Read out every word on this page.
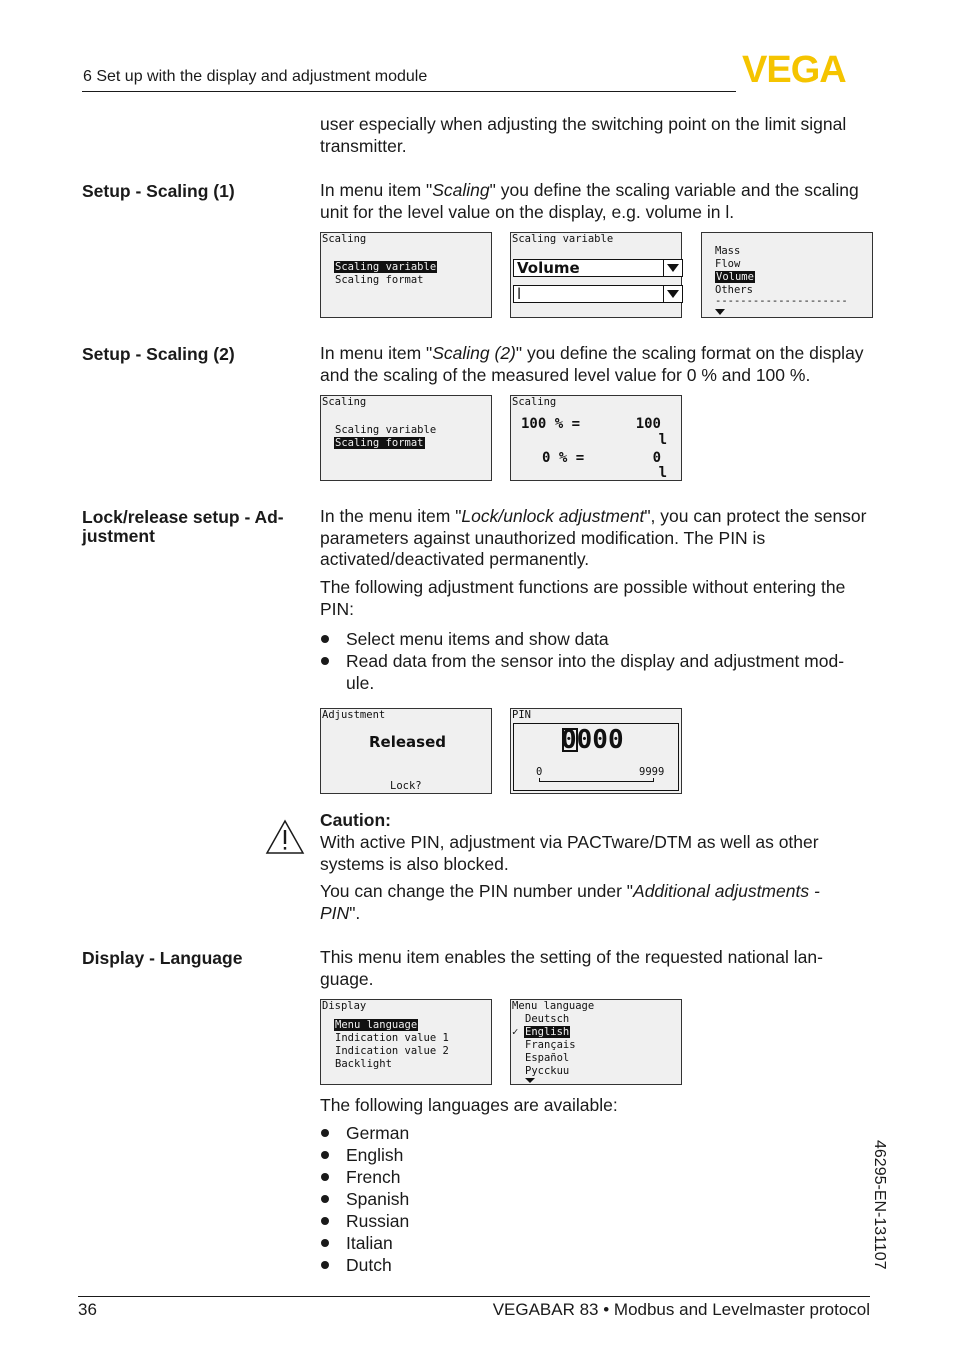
6 Set up with the display and adjustment module	VEGA
user especially when adjusting the switching point on the limit signal transmitter.
Setup - Scaling (1)	In menu item "Scaling" you define the scaling variable and the scaling unit for the level value on the display, e.g. volume in l.
Scaling
Scaling variable
Scaling format
Scaling variable
Volume
l
Mass
Flow
Volume
Others
---------------------
Setup - Scaling (2)	In menu item "Scaling (2)" you define the scaling format on the display and the scaling of the measured level value for 0 % and 100 %.
Scaling
Scaling variable
Scaling format
Scaling
100 % =	100
l
0 % =	0
l
Lock/release setup - Ad-
justment
In the menu item "Lock/unlock adjustment", you can protect the sensor parameters against unauthorized modification. The PIN is activated/deactivated permanently.
The following adjustment functions are possible without entering the PIN:
Select menu items and show data
Read data from the sensor into the display and adjustment mod-
ule.
Adjustment
Released
Lock?
PIN
0000
0	9999
Caution:
With active PIN, adjustment via PACTware/DTM as well as other systems is also blocked.
You can change the PIN number under "Additional adjustments - PIN".
Display - Language	This menu item enables the setting of the requested national lan-
guage.
Display
Menu language
Indication value 1
Indication value 2
Backlight
Menu language
Deutsch
✓ English
Français
Español
Pycckuu
The following languages are available:
German
English
French
Spanish
Russian
Italian
Dutch	46295-EN-131107
36	VEGABAR 83 • Modbus and Levelmaster protocol
